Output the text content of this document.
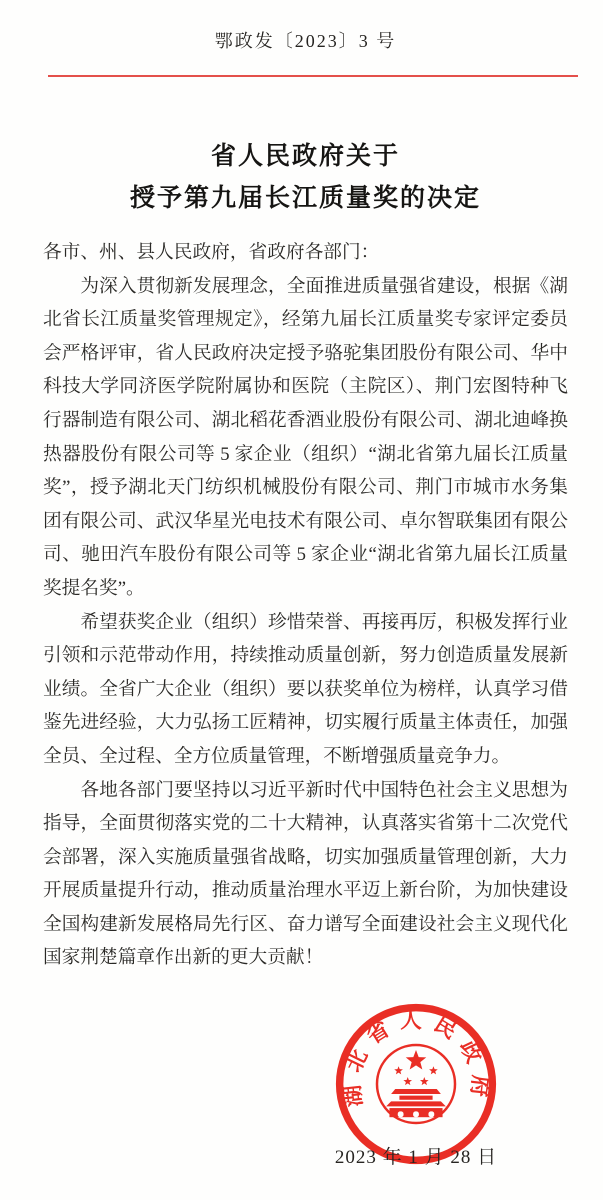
鄂政发〔2023〕3 号
省人民政府关于
授予第九届长江质量奖的决定

各市、州、县人民政府，省政府各部门：

为深入贯彻新发展理念，全面推进质量强省建设，根据《湖北省长江质量奖管理规定》，经第九届长江质量奖专家评定委员会严格评审，省人民政府决定授予骆驼集团股份有限公司、华中科技大学同济医学院附属协和医院（主院区）、荆门宏图特种飞行器制造有限公司、湖北稻花香酒业股份有限公司、湖北迪峰换热器股份有限公司等 5 家企业（组织）“湖北省第九届长江质量奖”，授予湖北天门纺织机械股份有限公司、荆门市城市水务集团有限公司、武汉华星光电技术有限公司、卓尔智联集团有限公司、驰田汽车股份有限公司等 5 家企业“湖北省第九届长江质量奖提名奖”。

希望获奖企业（组织）珍惜荣誉、再接再厉，积极发挥行业引领和示范带动作用，持续推动质量创新，努力创造质量发展新业绩。全省广大企业（组织）要以获奖单位为榜样，认真学习借鉴先进经验，大力弘扬工匠精神，切实履行质量主体责任，加强全员、全过程、全方位质量管理，不断增强质量竞争力。

各地各部门要坚持以习近平新时代中国特色社会主义思想为指导，全面贯彻落实党的二十大精神，认真落实省第十二次党代会部署，深入实施质量强省战略，切实加强质量管理创新，大力开展质量提升行动，推动质量治理水平迈上新台阶，为加快建设全国构建新发展格局先行区、奋力谱写全面建设社会主义现代化国家荆楚篇章作出新的更大贡献！

湖北省人民政府
2023 年 1 月 28 日
